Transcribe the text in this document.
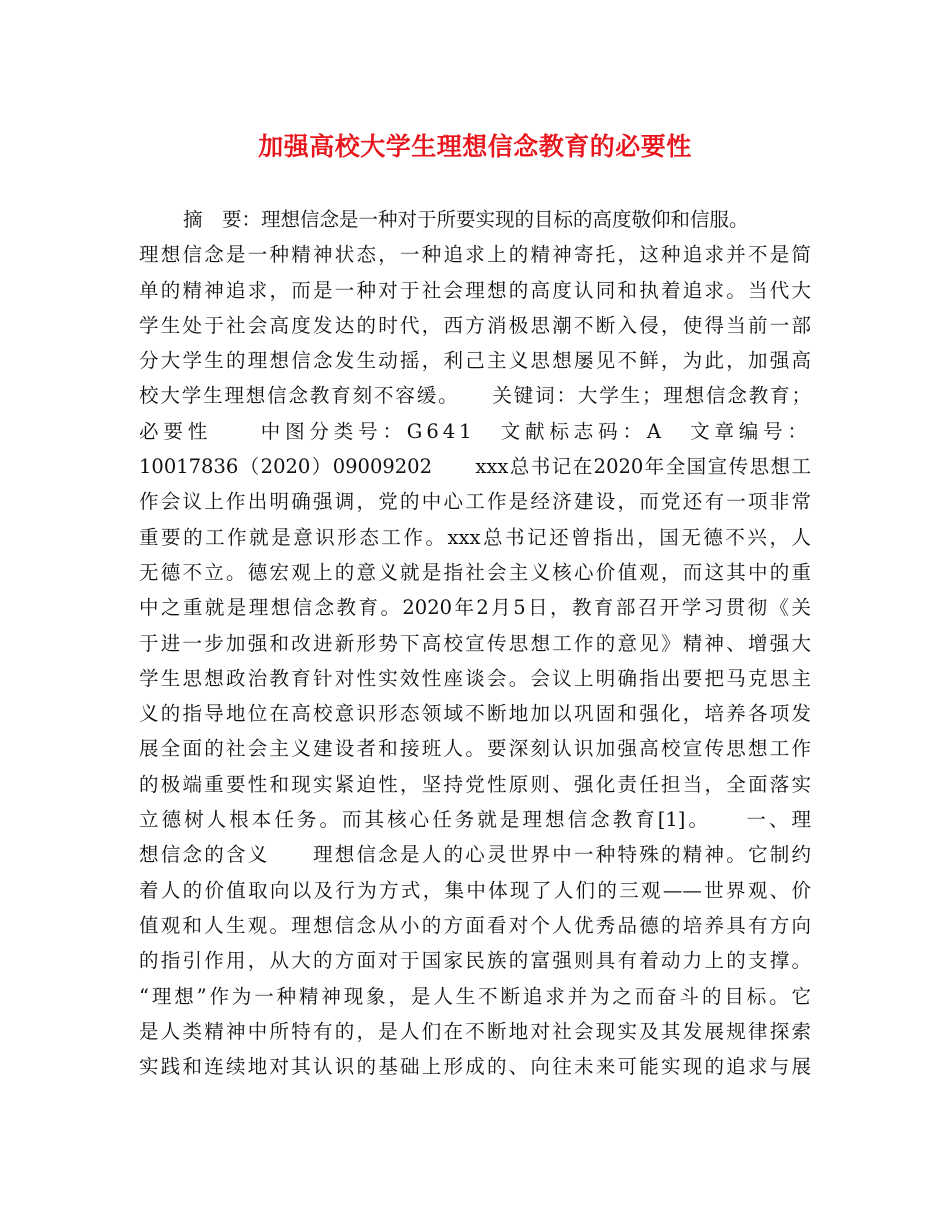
加强高校大学生理想信念教育的必要性
摘　要：理想信念是一种对于所要实现的目标的高度敬仰和信服。
理想信念是一种精神状态，一种追求上的精神寄托，这种追求并不是简
单的精神追求，而是一种对于社会理想的高度认同和执着追求。当代大
学生处于社会高度发达的时代，西方消极思潮不断入侵，使得当前一部
分大学生的理想信念发生动摇，利己主义思想屡见不鲜，为此，加强高
校大学生理想信念教育刻不容缓。　　关键词：大学生；理想信念教育；
必要性　　中图分类号：G641　文献标志码：A　文章编号：
10017836（2020）09009202　　xxx总书记在2020年全国宣传思想工
作会议上作出明确强调，党的中心工作是经济建设，而党还有一项非常
重要的工作就是意识形态工作。xxx总书记还曾指出，国无德不兴，人
无德不立。德宏观上的意义就是指社会主义核心价值观，而这其中的重
中之重就是理想信念教育。2020年2月5日，教育部召开学习贯彻《关
于进一步加强和改进新形势下高校宣传思想工作的意见》精神、增强大
学生思想政治教育针对性实效性座谈会。会议上明确指出要把马克思主
义的指导地位在高校意识形态领域不断地加以巩固和强化，培养各项发
展全面的社会主义建设者和接班人。要深刻认识加强高校宣传思想工作
的极端重要性和现实紧迫性，坚持党性原则、强化责任担当，全面落实
立德树人根本任务。而其核心任务就是理想信念教育[1]。　　一、理
想信念的含义　　理想信念是人的心灵世界中一种特殊的精神。它制约
着人的价值取向以及行为方式，集中体现了人们的三观——世界观、价
值观和人生观。理想信念从小的方面看对个人优秀品德的培养具有方向
的指引作用，从大的方面对于国家民族的富强则具有着动力上的支撑。
“理想”作为一种精神现象，是人生不断追求并为之而奋斗的目标。它
是人类精神中所特有的，是人们在不断地对社会现实及其发展规律探索
实践和连续地对其认识的基础上形成的、向往未来可能实现的追求与展
